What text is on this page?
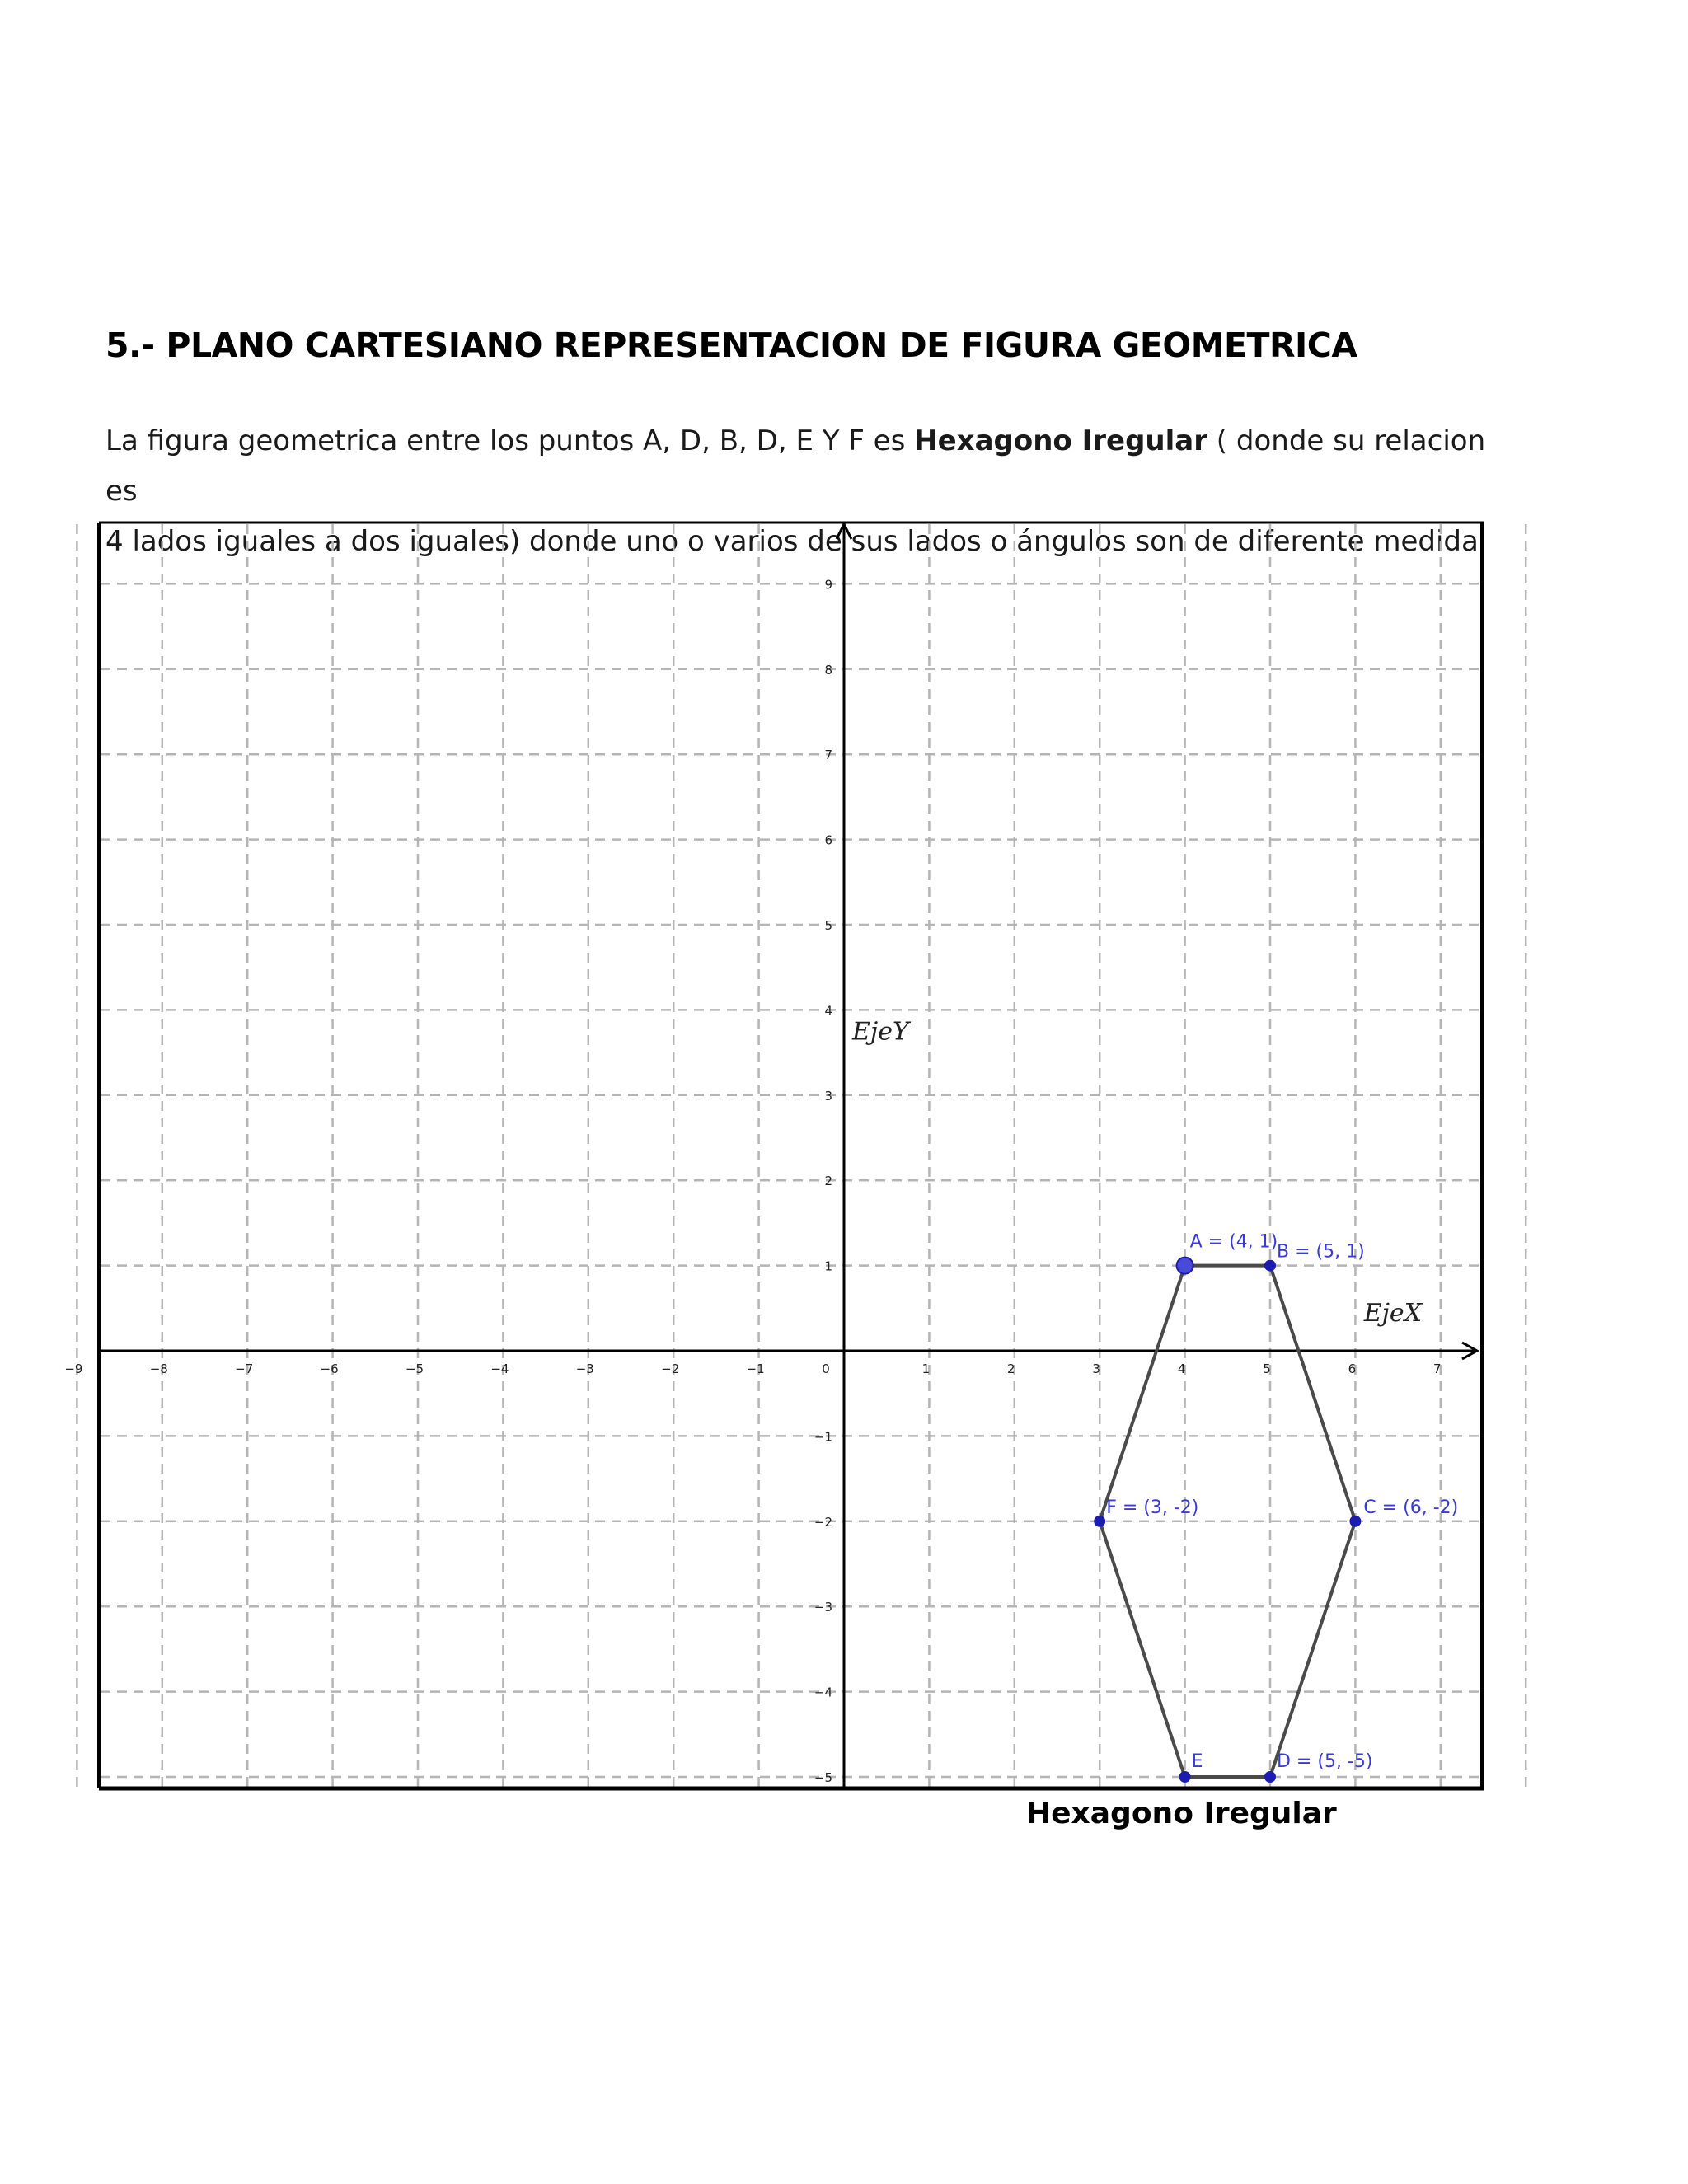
5.- PLANO CARTESIANO REPRESENTACION DE FIGURA GEOMETRICA
La figura geometrica entre los puntos A, D, B, D, E Y F es Hexagono Iregular ( donde su relacion es
4 lados iguales a dos iguales) donde uno o varios de sus lados o ángulos son de diferente medida
−9	−8	−7	−6	−5	−4	−3	−2	−1	0	1	2	3	4	5	6	7
9
8
7
6
5
4
3
2
1
−1
−2
−3
−4
−5
A = (4, 1)
B = (5, 1)
C = (6, -2)
D = (5, -5)
E
F = (3, -2)
EjeX
EjeY
Hexagono Iregular
